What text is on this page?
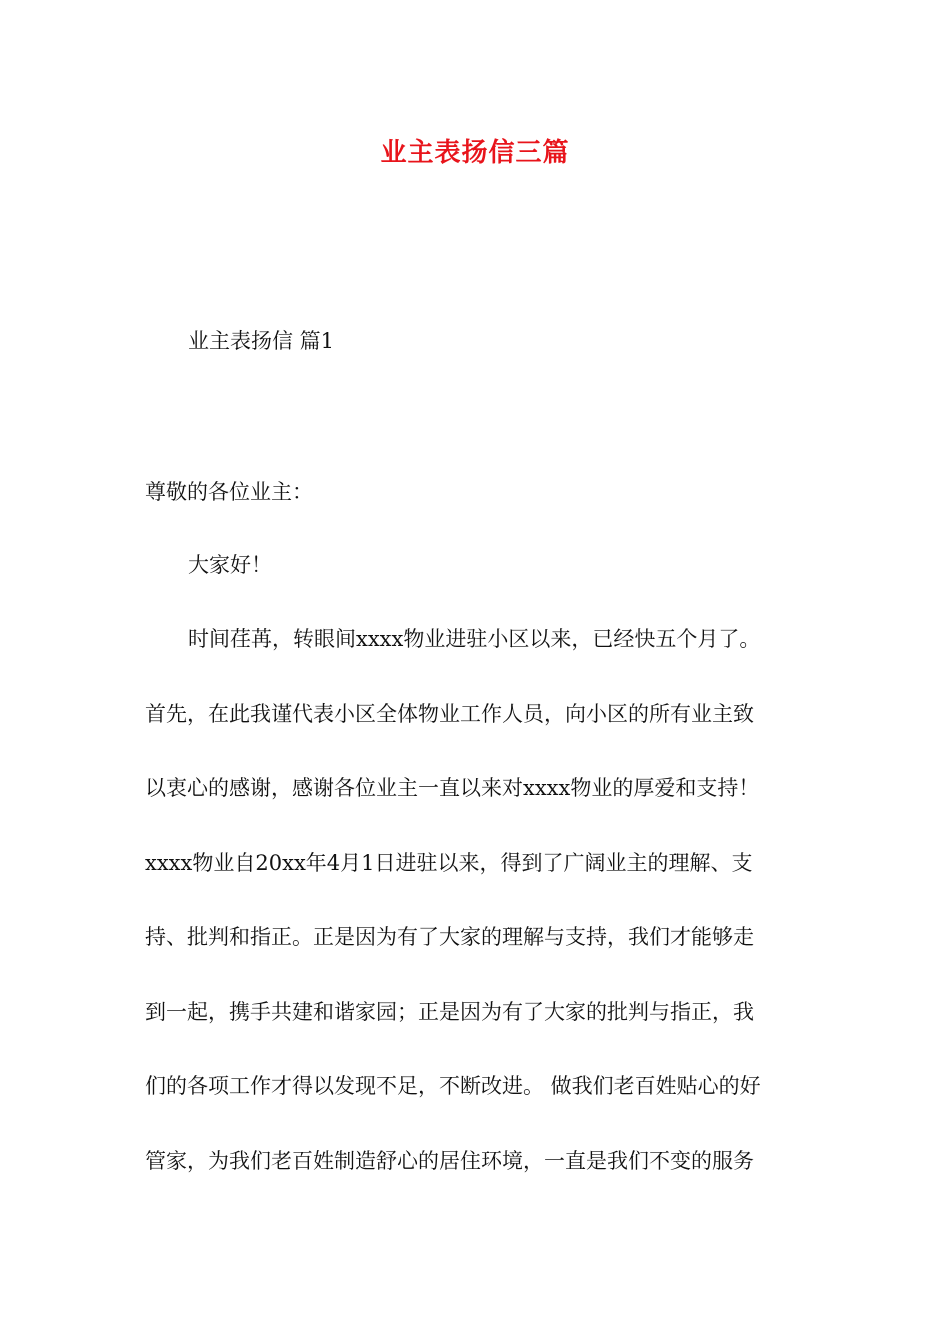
业主表扬信三篇
业主表扬信 篇1
尊敬的各位业主：
大家好！
时间荏苒，转眼间xxxx物业进驻小区以来，已经快五个月了。
首先，在此我谨代表小区全体物业工作人员，向小区的所有业主致
以衷心的感谢，感谢各位业主一直以来对xxxx物业的厚爱和支持！
xxxx物业自20xx年4月1日进驻以来，得到了广阔业主的理解、支
持、批判和指正。正是因为有了大家的理解与支持，我们才能够走
到一起，携手共建和谐家园；正是因为有了大家的批判与指正，我
们的各项工作才得以发现不足，不断改进。 做我们老百姓贴心的好
管家，为我们老百姓制造舒心的居住环境，一直是我们不变的服务
